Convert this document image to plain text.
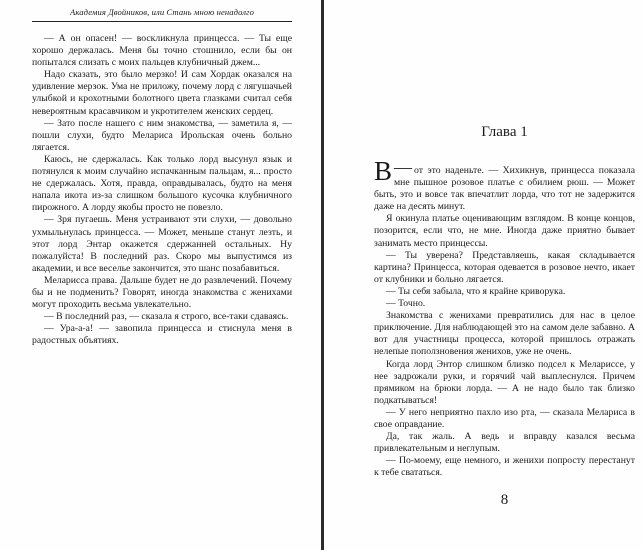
Академия Двойников, или Стань мною ненадолго

— А он опасен! — воскликнула принцесса. — Ты еще хорошо держалась. Меня бы точно стошнило, если бы он попытался слизать с моих пальцев клубничный джем...

Надо сказать, это было мерзко! И сам Хордак оказался на удивление мерзок. Ума не приложу, почему лорд с лягушачьей улыбкой и крохотными болотного цвета глазками считал себя невероятным красавчиком и укротителем женских сердец.

— Зато после нашего с ним знакомства, — заметила я, — пошли слухи, будто Мелариса Ирольская очень больно лягается.

Каюсь, не сдержалась. Как только лорд высунул язык и потянулся к моим случайно испачканным пальцам, я... просто не сдержалась. Хотя, правда, оправдывалась, будто на меня напала икота из-за слишком большого кусочка клубничного пирожного. А лорду якобы просто не повезло.

— Зря пугаешь. Меня устраивают эти слухи, — довольно ухмыльнулась принцесса. — Может, меньше станут лезть, и этот лорд Энтар окажется сдержанней остальных. Ну пожалуйста! В последний раз. Скоро мы выпустимся из академии, и все веселье закончится, это шанс позабавиться.

Меларисса права. Дальше будет не до развлечений. Почему бы и не подменить? Говорят, иногда знакомства с женихами могут проходить весьма увлекательно.

— В последний раз, — сказала я строго, все-таки сдаваясь.

— Ура-а-а! — завопила принцесса и стиснула меня в радостных объятиях.

Глава 1

—
В от это наденьте. — Хихикнув, принцесса показала мне пышное розовое платье с обилием рюш. — Может быть, это и вовсе так впечатлит лорда, что тот не задержится даже на десять минут.

Я окинула платье оценивающим взглядом. В конце концов, позорится, если что, не мне. Иногда даже приятно бывает занимать место принцессы.

— Ты уверена? Представляешь, какая складывается картина? Принцесса, которая одевается в розовое нечто, икает от клубники и больно лягается.

— Ты себя забыла, что я крайне криворука.

— Точно.

Знакомства с женихами превратились для нас в целое приключение. Для наблюдающей это на самом деле забавно. А вот для участницы процесса, которой пришлось отражать нелепые поползновения женихов, уже не очень.

Когда лорд Энтор слишком близко подсел к Мелариссе, у нее задрожали руки, и горячий чай выплеснулся. Причем прямиком на брюки лорда. — А не надо было так близко подкатываться!

— У него неприятно пахло изо рта, — сказала Мелариса в свое оправдание.

Да, так жаль. А ведь и вправду казался весьма привлекательным и неглупым.

— По-моему, еще немного, и женихи попросту перестанут к тебе свататься.

8
